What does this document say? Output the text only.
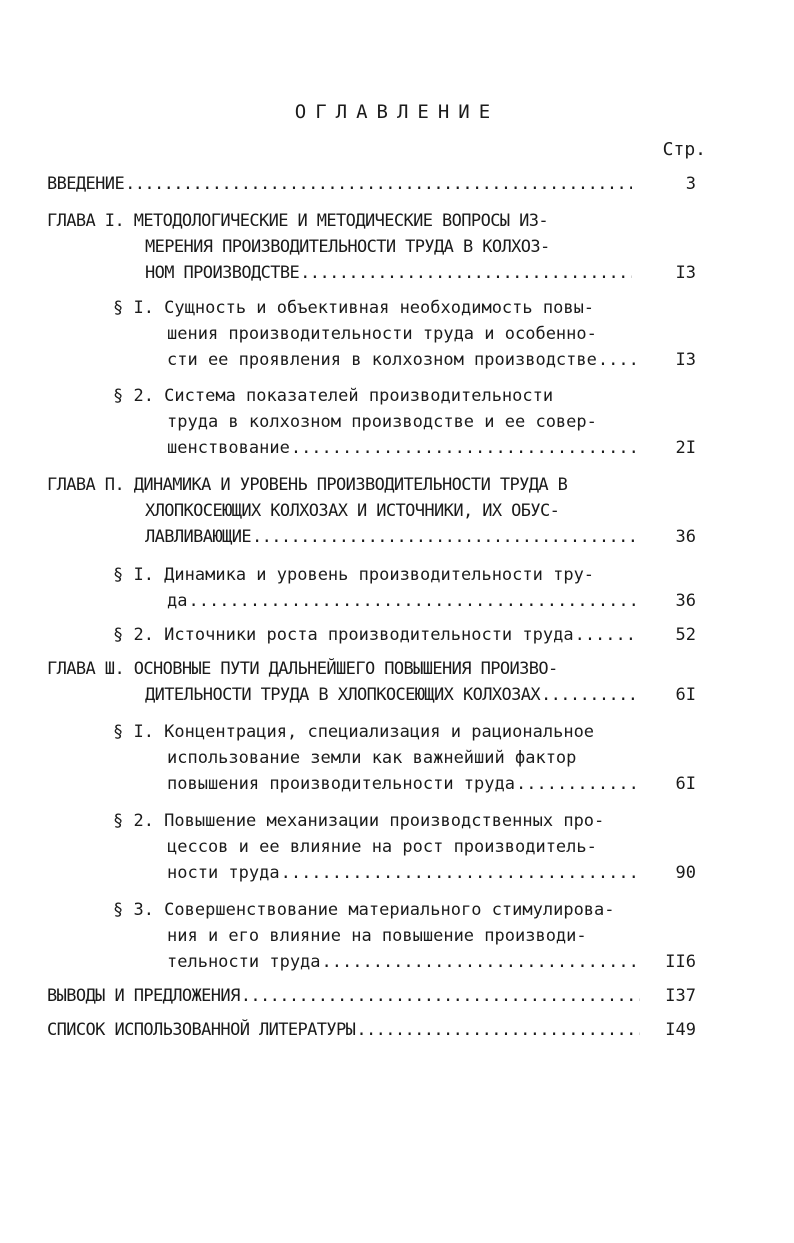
ОГЛАВЛЕНИЕ
Стр.
ВВЕДЕНИЕ .....	3
ГЛАВА I. МЕТОДОЛОГИЧЕСКИЕ И МЕТОДИЧЕСКИЕ ВОПРОСЫ ИЗ-
МЕРЕНИЯ ПРОИЗВОДИТЕЛЬНОСТИ ТРУДА В КОЛХОЗ-
НОМ ПРОИЗВОДСТВЕ .....	I3
§ I. Сущность и объективная необходимость повы-
шения производительности труда и особенно-
сти ее проявления в колхозном производстве .....	I3
§ 2. Система показателей производительности
труда в колхозном производстве и ее совер-
шенствование .....	2I
ГЛАВА П. ДИНАМИКА И УРОВЕНЬ ПРОИЗВОДИТЕЛЬНОСТИ ТРУДА В
ХЛОПКОСЕЮЩИХ КОЛХОЗАХ И ИСТОЧНИКИ, ИХ ОБУС-
ЛАВЛИВАЮЩИЕ .....	36
§ I. Динамика и уровень производительности тру-
да .....	36
§ 2. Источники роста производительности труда .....	52
ГЛАВА Ш. ОСНОВНЫЕ ПУТИ ДАЛЬНЕЙШЕГО ПОВЫШЕНИЯ ПРОИЗВО-
ДИТЕЛЬНОСТИ ТРУДА В ХЛОПКОСЕЮЩИХ КОЛХОЗАХ .....	6I
§ I. Концентрация, специализация и рациональное
использование земли как важнейший фактор
повышения производительности труда .....	6I
§ 2. Повышение механизации производственных про-
цессов и ее влияние на рост производитель-
ности труда .....	90
§ 3. Совершенствование материального стимулирова-
ния и его влияние на повышение производи-
тельности труда .....	II6
ВЫВОДЫ И ПРЕДЛОЖЕНИЯ .....	I37
СПИСОК ИСПОЛЬЗОВАННОЙ ЛИТЕРАТУРЫ .....	I49
